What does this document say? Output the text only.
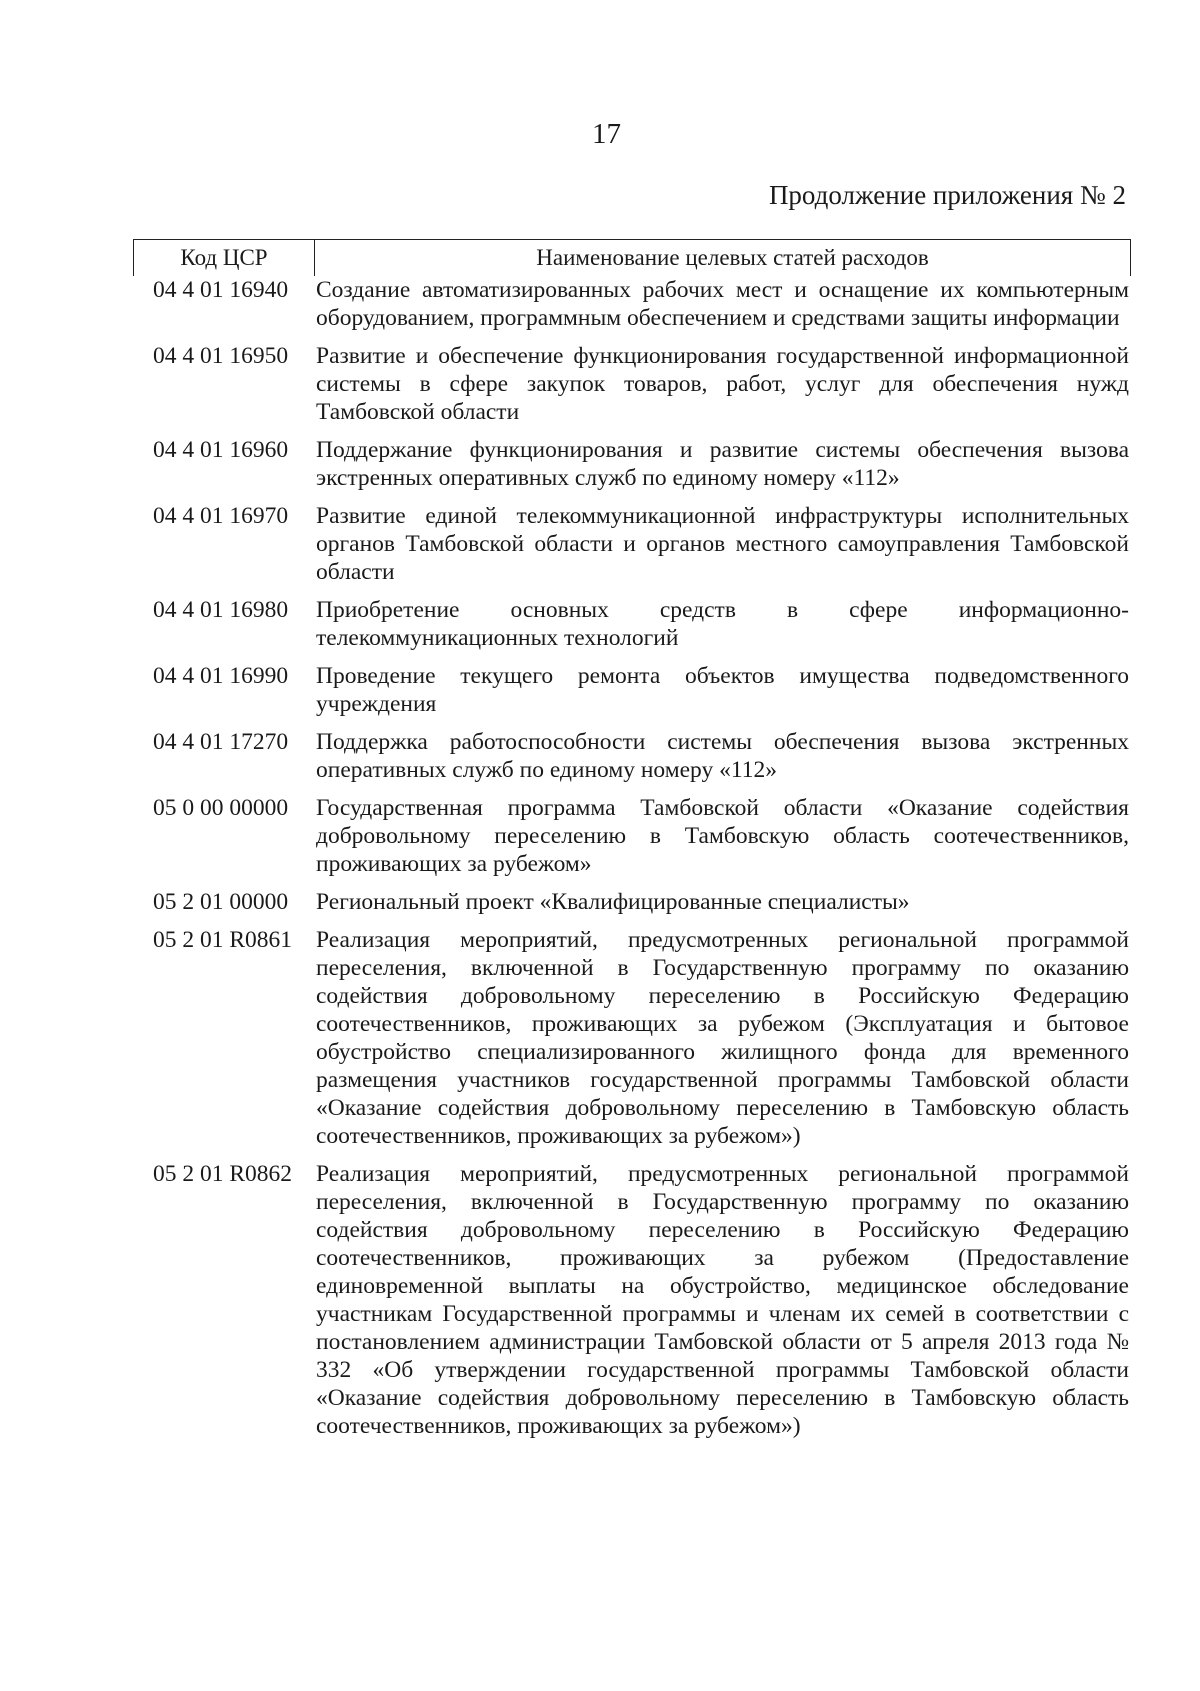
17
Продолжение приложения № 2
Код ЦСР	Наименование целевых статей расходов
04 4 01 16940	Создание автоматизированных рабочих мест и оснащение их компьютерным оборудованием, программным обеспечением и средствами защиты информации
04 4 01 16950	Развитие и обеспечение функционирования государственной информационной системы в сфере закупок товаров, работ, услуг для обеспечения нужд Тамбовской области
04 4 01 16960	Поддержание функционирования и развитие системы обеспечения вызова экстренных оперативных служб по единому номеру «112»
04 4 01 16970	Развитие единой телекоммуникационной инфраструктуры исполнительных органов Тамбовской области и органов местного самоуправления Тамбовской области
04 4 01 16980	Приобретение основных средств в сфере информационно-телекоммуникационных технологий
04 4 01 16990	Проведение текущего ремонта объектов имущества подведомственного учреждения
04 4 01 17270	Поддержка работоспособности системы обеспечения вызова экстренных оперативных служб по единому номеру «112»
05 0 00 00000	Государственная программа Тамбовской области «Оказание содействия добровольному переселению в Тамбовскую область соотечественников, проживающих за рубежом»
05 2 01 00000	Региональный проект «Квалифицированные специалисты»
05 2 01 R0861	Реализация мероприятий, предусмотренных региональной программой переселения, включенной в Государственную программу по оказанию содействия добровольному переселению в Российскую Федерацию соотечественников, проживающих за рубежом (Эксплуатация и бытовое обустройство специализированного жилищного фонда для временного размещения участников государственной программы Тамбовской области «Оказание содействия добровольному переселению в Тамбовскую область соотечественников, проживающих за рубежом»)
05 2 01 R0862	Реализация мероприятий, предусмотренных региональной программой переселения, включенной в Государственную программу по оказанию содействия добровольному переселению в Российскую Федерацию соотечественников, проживающих за рубежом (Предоставление единовременной выплаты на обустройство, медицинское обследование участникам Государственной программы и членам их семей в соответствии с постановлением администрации Тамбовской области от 5 апреля 2013 года № 332 «Об утверждении государственной программы Тамбовской области «Оказание содействия добровольному переселению в Тамбовскую область соотечественников, проживающих за рубежом»)
